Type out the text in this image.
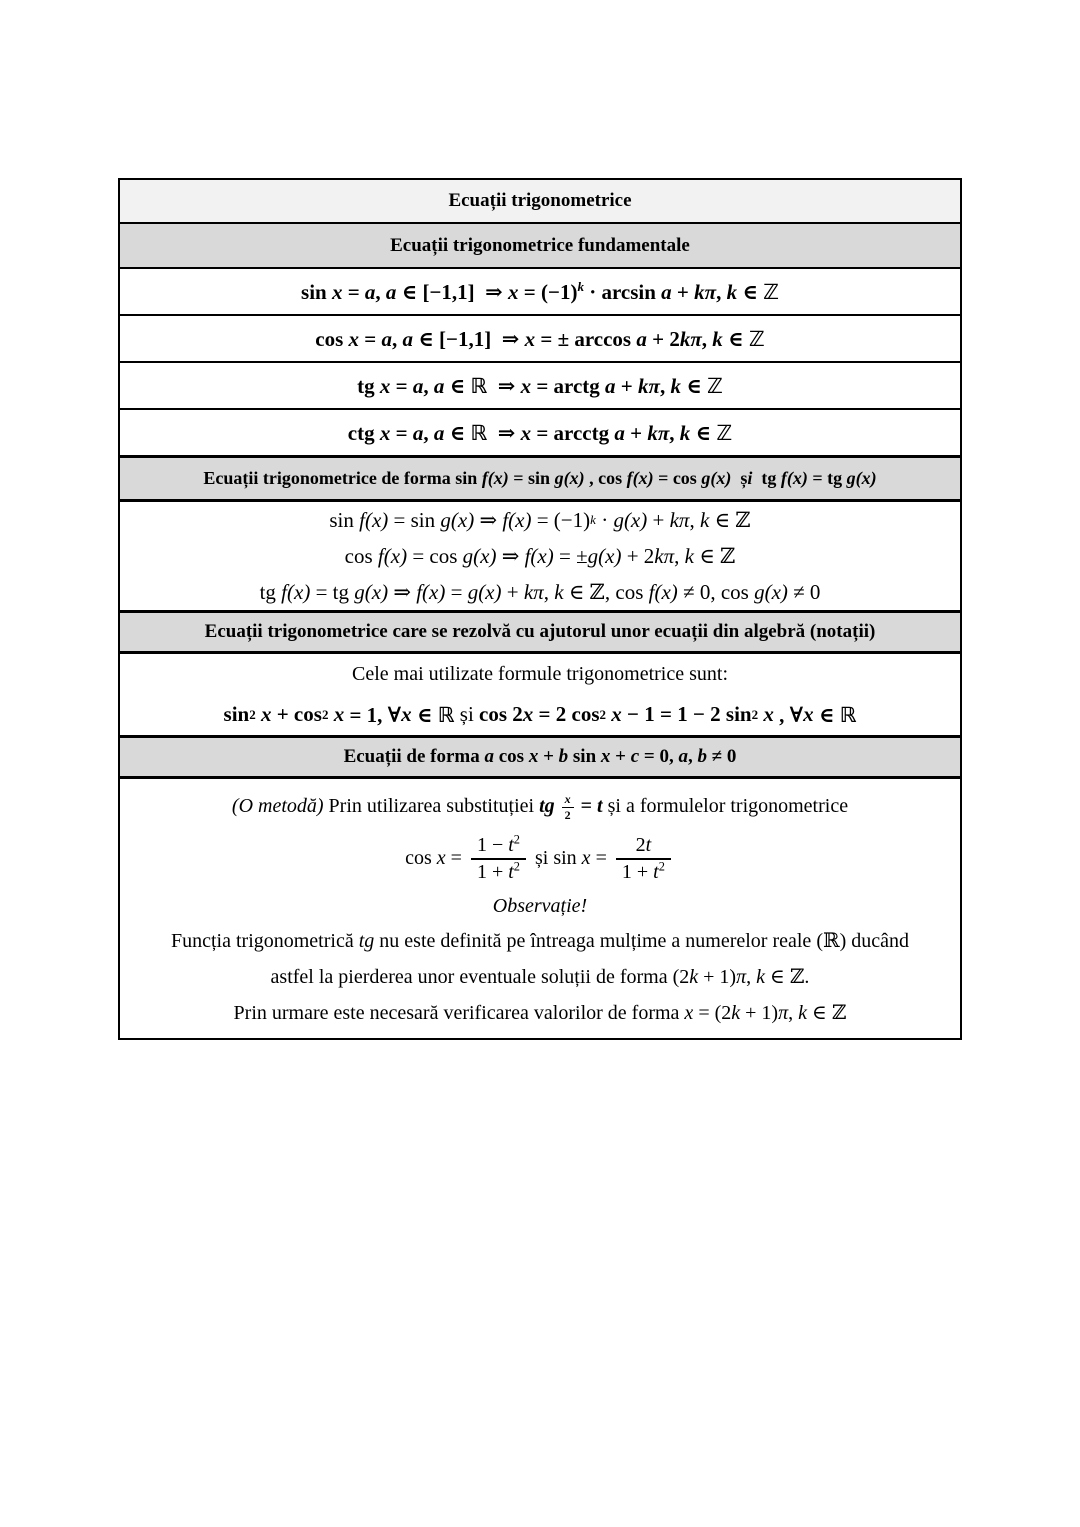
Ecuații trigonometrice
Ecuații trigonometrice fundamentale
sin x = a, a ∈ [−1,1]  ⇒ $x = (-1)^k \cdot \arcsin a + k\pi$, k ∈ ℤ
cos x = a, a ∈ [−1,1]  ⇒ x = ± arccos a + 2kπ, k ∈ ℤ
tg x = a, a ∈ ℝ  ⇒ x = arctg a + kπ, k ∈ ℤ
ctg x = a, a ∈ ℝ  ⇒ x = arcctg a + kπ, k ∈ ℤ
Ecuații trigonometrice de forma sin f(x) = sin g(x) , cos f(x) = cos g(x)  și  tg f(x) = tg g(x)
sin f(x) = sin g(x) ⇒ f(x) = (−1) k · g(x) + kπ , k ∈ ℤ
cos f(x) = cos g(x) ⇒ f(x) = ± g(x) + 2 kπ , k ∈ ℤ
tg f(x) = tg g(x) ⇒ f(x) = g(x) + kπ , k ∈ ℤ, cos f(x) ≠ 0, cos g(x) ≠ 0
Ecuații trigonometrice care se rezolvă cu ajutorul unor ecuații din algebră (notații)
Cele mai utilizate formule trigonometrice sunt:
sin 2
x + cos 2
x = 1, ∀ x ∈ ℝ și cos 2 x = 2 cos 2
x − 1 = 1 − 2 sin 2
x , ∀ x ∈ ℝ
Ecuații de forma a cos x + b sin x + c = 0, a, b ≠ 0
(O metodă) Prin utilizarea substituției tg $\frac{x}{2} = t$ și a formulelor trigonometrice
$\cos x = \frac{1 - t^2}{1 + t^2}$ și $\sin x = \frac{2t}{1 + t^2}$
Observație!
Funcția trigonometrică tg nu este definită pe întreaga mulțime a numerelor reale (ℝ) ducând
astfel la pierderea unor eventuale soluții de forma (2k + 1)π, k ∈ ℤ.
Prin urmare este necesară verificarea valorilor de forma x = (2k + 1)π, k ∈ ℤ
